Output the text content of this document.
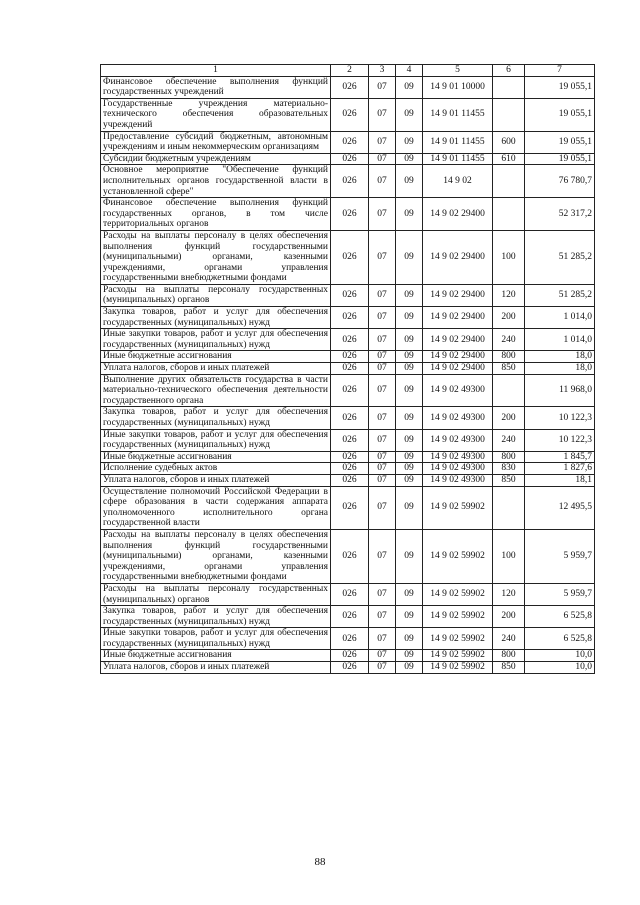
1	2	3	4	5	6	7
Финансовое обеспечение выполнения функций государственных учреждений	026	07	09	14 9 01 10000		19 055,1
Государственные учреждения материально-технического обеспечения образовательных учреждений	026	07	09	14 9 01 11455		19 055,1
Предоставление субсидий бюджетным, автономным учреждениям и иным некоммерческим организациям	026	07	09	14 9 01 11455	600	19 055,1
Субсидии бюджетным учреждениям	026	07	09	14 9 01 11455	610	19 055,1
Основное мероприятие "Обеспечение функций исполнительных органов государственной власти в установленной сфере"	026	07	09	14 9 02		76 780,7
Финансовое обеспечение выполнения функций государственных органов, в том числе территориальных органов	026	07	09	14 9 02 29400		52 317,2
Расходы на выплаты персоналу в целях обеспечения выполнения функций государственными (муниципальными) органами, казенными учреждениями, органами управления государственными внебюджетными фондами	026	07	09	14 9 02 29400	100	51 285,2
Расходы на выплаты персоналу государственных (муниципальных) органов	026	07	09	14 9 02 29400	120	51 285,2
Закупка товаров, работ и услуг для обеспечения государственных (муниципальных) нужд	026	07	09	14 9 02 29400	200	1 014,0
Иные закупки товаров, работ и услуг для обеспечения государственных (муниципальных) нужд	026	07	09	14 9 02 29400	240	1 014,0
Иные бюджетные ассигнования	026	07	09	14 9 02 29400	800	18,0
Уплата налогов, сборов и иных платежей	026	07	09	14 9 02 29400	850	18,0
Выполнение других обязательств государства в части материально-технического обеспечения деятельности государственного органа	026	07	09	14 9 02 49300		11 968,0
Закупка товаров, работ и услуг для обеспечения государственных (муниципальных) нужд	026	07	09	14 9 02 49300	200	10 122,3
Иные закупки товаров, работ и услуг для обеспечения государственных (муниципальных) нужд	026	07	09	14 9 02 49300	240	10 122,3
Иные бюджетные ассигнования	026	07	09	14 9 02 49300	800	1 845,7
Исполнение судебных актов	026	07	09	14 9 02 49300	830	1 827,6
Уплата налогов, сборов и иных платежей	026	07	09	14 9 02 49300	850	18,1
Осуществление полномочий Российской Федерации в сфере образования в части содержания аппарата уполномоченного исполнительного органа государственной власти	026	07	09	14 9 02 59902		12 495,5
Расходы на выплаты персоналу в целях обеспечения выполнения функций государственными (муниципальными) органами, казенными учреждениями, органами управления государственными внебюджетными фондами	026	07	09	14 9 02 59902	100	5 959,7
Расходы на выплаты персоналу государственных (муниципальных) органов	026	07	09	14 9 02 59902	120	5 959,7
Закупка товаров, работ и услуг для обеспечения государственных (муниципальных) нужд	026	07	09	14 9 02 59902	200	6 525,8
Иные закупки товаров, работ и услуг для обеспечения государственных (муниципальных) нужд	026	07	09	14 9 02 59902	240	6 525,8
Иные бюджетные ассигнования	026	07	09	14 9 02 59902	800	10,0
Уплата налогов, сборов и иных платежей	026	07	09	14 9 02 59902	850	10,0
88
